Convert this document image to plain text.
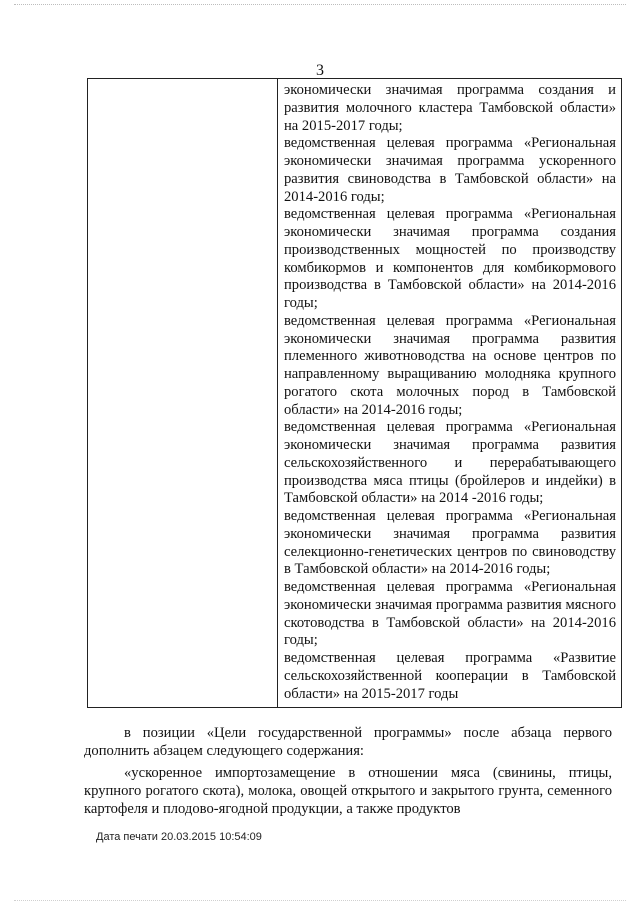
3
экономически значимая программа создания и развития молочного кластера Тамбовской области» на 2015-2017 годы;
ведомственная целевая программа «Региональная экономически значимая программа ускоренного развития свиноводства в Тамбовской области» на 2014-2016 годы;
ведомственная целевая программа «Региональная экономически значимая программа создания производственных мощностей по производству комбикормов и компонентов для комбикормового производства в Тамбовской области» на 2014-2016 годы;
ведомственная целевая программа «Региональная экономически значимая программа развития племенного животноводства на основе центров по направленному выращиванию молодняка крупного рогатого скота молочных пород в Тамбовской области» на 2014-2016 годы;
ведомственная целевая программа «Региональная экономически значимая программа развития сельскохозяйственного и перерабатывающего производства мяса птицы (бройлеров и индейки) в Тамбовской области» на 2014 -2016 годы;
ведомственная целевая программа «Региональная экономически значимая программа развития селекционно-генетических центров по свиноводству в Тамбовской области» на 2014-2016 годы;
ведомственная целевая программа «Региональная экономически значимая программа развития мясного скотоводства в Тамбовской области» на 2014-2016 годы;
ведомственная целевая программа «Развитие сельскохозяйственной кооперации в Тамбовской области» на 2015-2017 годы
в позиции «Цели государственной программы» после абзаца первого дополнить абзацем следующего содержания:
«ускоренное импортозамещение в отношении мяса (свинины, птицы, крупного рогатого скота), молока, овощей открытого и закрытого грунта, семенного картофеля и плодово-ягодной продукции, а также продуктов
Дата печати 20.03.2015 10:54:09
